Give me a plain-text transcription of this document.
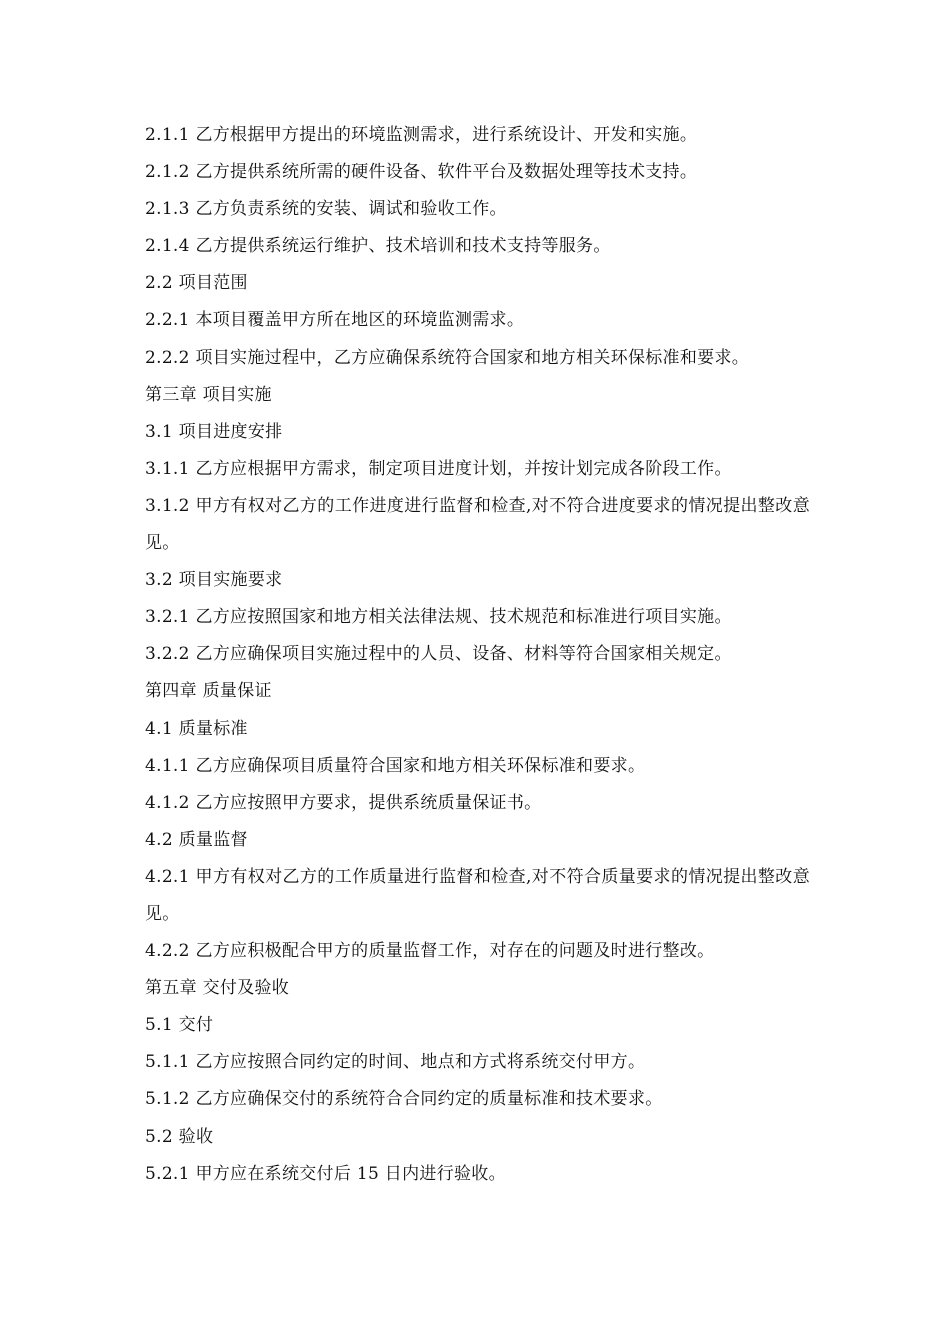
2.1.1 乙方根据甲方提出的环境监测需求，进行系统设计、开发和实施。
2.1.2 乙方提供系统所需的硬件设备、软件平台及数据处理等技术支持。
2.1.3 乙方负责系统的安装、调试和验收工作。
2.1.4 乙方提供系统运行维护、技术培训和技术支持等服务。
2.2 项目范围
2.2.1 本项目覆盖甲方所在地区的环境监测需求。
2.2.2 项目实施过程中，乙方应确保系统符合国家和地方相关环保标准和要求。
第三章 项目实施
3.1 项目进度安排
3.1.1 乙方应根据甲方需求，制定项目进度计划，并按计划完成各阶段工作。
3.1.2 甲方有权对乙方的工作进度进行监督和检查,对不符合进度要求的情况提出整改意见。
3.2 项目实施要求
3.2.1 乙方应按照国家和地方相关法律法规、技术规范和标准进行项目实施。
3.2.2 乙方应确保项目实施过程中的人员、设备、材料等符合国家相关规定。
第四章 质量保证
4.1 质量标准
4.1.1 乙方应确保项目质量符合国家和地方相关环保标准和要求。
4.1.2 乙方应按照甲方要求，提供系统质量保证书。
4.2 质量监督
4.2.1 甲方有权对乙方的工作质量进行监督和检查,对不符合质量要求的情况提出整改意见。
4.2.2 乙方应积极配合甲方的质量监督工作，对存在的问题及时进行整改。
第五章 交付及验收
5.1 交付
5.1.1 乙方应按照合同约定的时间、地点和方式将系统交付甲方。
5.1.2 乙方应确保交付的系统符合合同约定的质量标准和技术要求。
5.2 验收
5.2.1 甲方应在系统交付后 15 日内进行验收。
